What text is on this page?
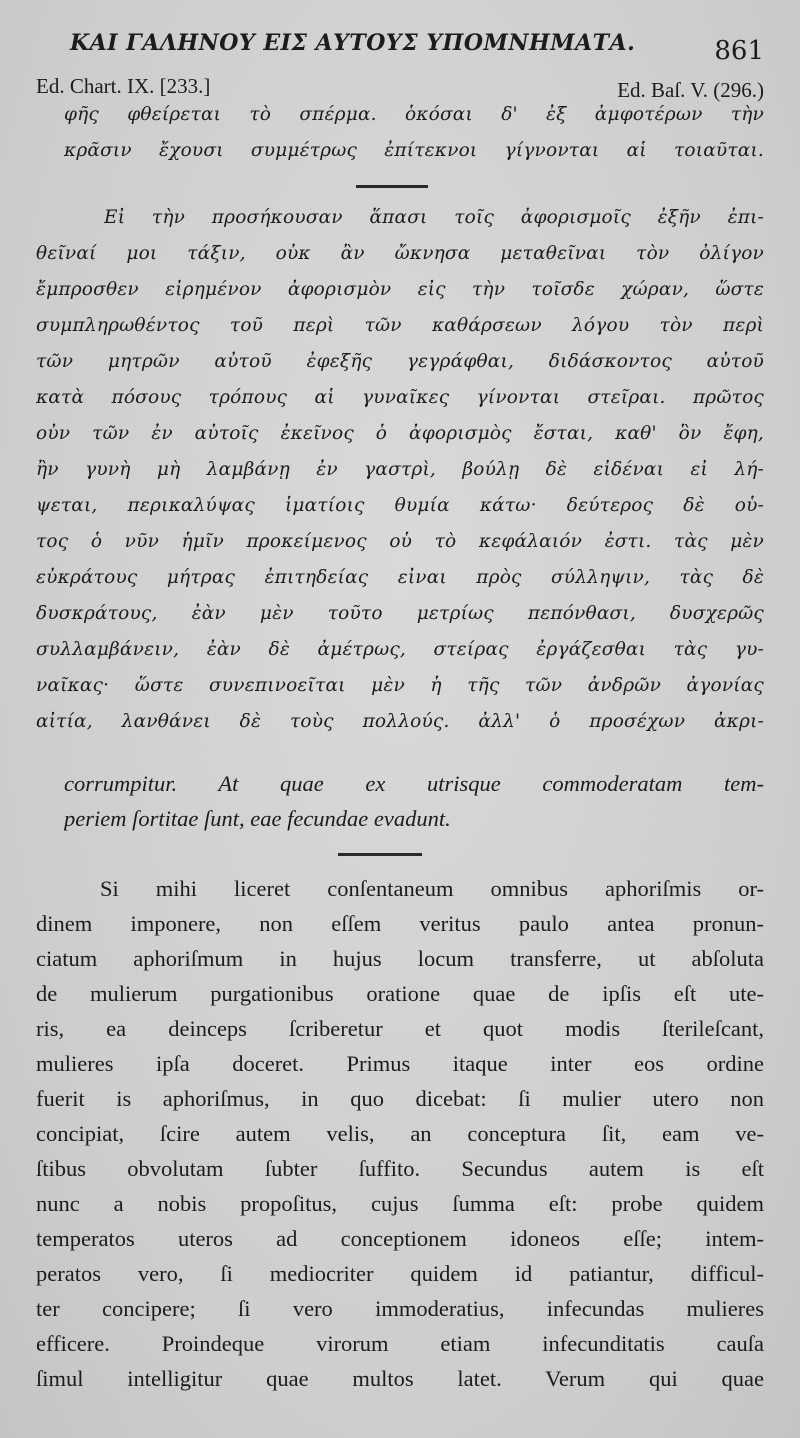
ΚΑΙ ΓΑΛΗΝΟΥ ΕΙΣ ΑΥΤΟΥΣ ΥΠΟΜΝΗΜΑΤΑ.	861
Ed. Chart. IX. [233.]	Ed. Baſ. V. (296.)
φῆς φθείρεται τὸ σπέρμα. ὁκόσαι δ' ἐξ ἀμφοτέρων τὴν
κρᾶσιν ἔχουσι συμμέτρως ἐπίτεκνοι γίγνονται αἱ τοιαῦται.
Εἰ τὴν προσήκουσαν ἅπασι τοῖς ἀφορισμοῖς ἐξῆν ἐπι-
θεῖναί μοι τάξιν, οὐκ ἂν ὤκνησα μεταθεῖναι τὸν ὀλίγον
ἔμπροσθεν εἰρημένον ἀφορισμὸν εἰς τὴν τοῖσδε χώραν, ὥστε
συμπληρωθέντος τοῦ περὶ τῶν καθάρσεων λόγου τὸν περὶ
τῶν μητρῶν αὐτοῦ ἐφεξῆς γεγράφθαι, διδάσκοντος αὐτοῦ
κατὰ πόσους τρόπους αἱ γυναῖκες γίνονται στεῖραι. πρῶτος
οὖν τῶν ἐν αὐτοῖς ἐκεῖνος ὁ ἀφορισμὸς ἔσται, καθ' ὃν ἔφη,
ἢν γυνὴ μὴ λαμβάνῃ ἐν γαστρὶ, βούλῃ δὲ εἰδέναι εἰ λή-
ψεται, περικαλύψας ἱματίοις θυμία κάτω· δεύτερος δὲ οὗ-
τος ὁ νῦν ἡμῖν προκείμενος οὗ τὸ κεφάλαιόν ἐστι. τὰς μὲν
εὐκράτους μήτρας ἐπιτηδείας εἶναι πρὸς σύλληψιν, τὰς δὲ
δυσκράτους, ἐὰν μὲν τοῦτο μετρίως πεπόνθασι, δυσχερῶς
συλλαμβάνειν, ἐὰν δὲ ἀμέτρως, στείρας ἐργάζεσθαι τὰς γυ-
ναῖκας· ὥστε συνεπινοεῖται μὲν ἡ τῆς τῶν ἀνδρῶν ἀγονίας
αἰτία, λανθάνει δὲ τοὺς πολλούς. ἀλλ' ὁ προσέχων ἀκρι-
corrumpitur. At quae ex utrisque commoderatam tem-
periem ſortitae ſunt, eae fecundae evadunt.
Si mihi liceret conſentaneum omnibus aphoriſmis or-
dinem imponere, non eſſem veritus paulo antea pronun-
ciatum aphoriſmum in hujus locum transferre, ut abſoluta
de mulierum purgationibus oratione quae de ipſis eſt ute-
ris, ea deinceps ſcriberetur et quot modis ſterileſcant,
mulieres ipſa doceret. Primus itaque inter eos ordine
fuerit is aphoriſmus, in quo dicebat: ſi mulier utero non
concipiat, ſcire autem velis, an conceptura ſit, eam ve-
ſtibus obvolutam ſubter ſuffito. Secundus autem is eſt
nunc a nobis propoſitus, cujus ſumma eſt: probe quidem
temperatos uteros ad conceptionem idoneos eſſe; intem-
peratos vero, ſi mediocriter quidem id patiantur, difficul-
ter concipere; ſi vero immoderatius, infecundas mulieres
efficere. Proindeque virorum etiam infecunditatis cauſa
ſimul intelligitur quae multos latet. Verum qui quae
